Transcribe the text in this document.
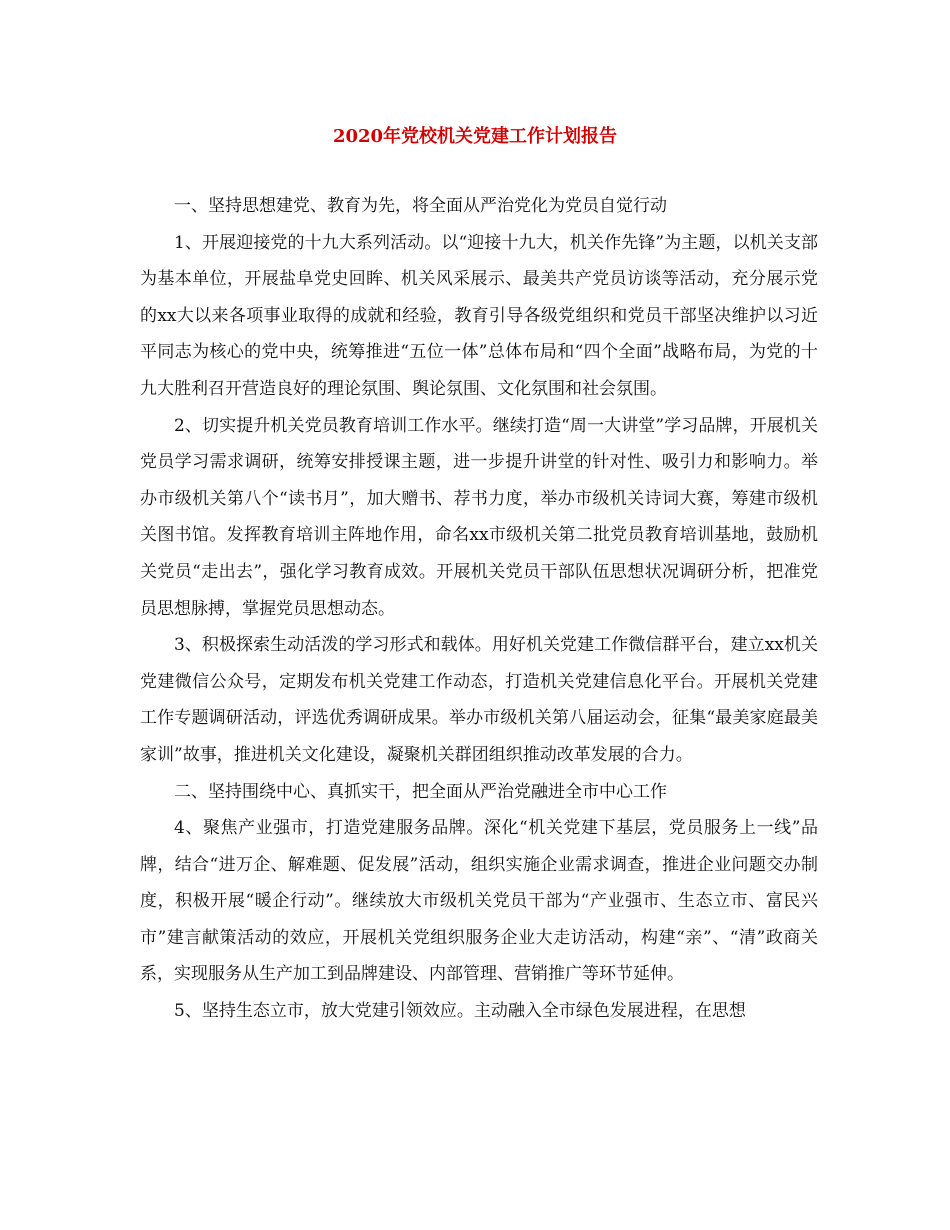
2020年党校机关党建工作计划报告

一、坚持思想建党、教育为先，将全面从严治党化为党员自觉行动

1、开展迎接党的十九大系列活动。以“迎接十九大，机关作先锋”为主题，以机关支部为基本单位，开展盐阜党史回眸、机关风采展示、最美共产党员访谈等活动，充分展示党的xx大以来各项事业取得的成就和经验，教育引导各级党组织和党员干部坚决维护以习近平同志为核心的党中央，统筹推进“五位一体”总体布局和“四个全面”战略布局，为党的十九大胜利召开营造良好的理论氛围、舆论氛围、文化氛围和社会氛围。

2、切实提升机关党员教育培训工作水平。继续打造“周一大讲堂”学习品牌，开展机关党员学习需求调研，统筹安排授课主题，进一步提升讲堂的针对性、吸引力和影响力。举办市级机关第八个“读书月”，加大赠书、荐书力度，举办市级机关诗词大赛，筹建市级机关图书馆。发挥教育培训主阵地作用，命名xx市级机关第二批党员教育培训基地，鼓励机关党员“走出去”，强化学习教育成效。开展机关党员干部队伍思想状况调研分析，把准党员思想脉搏，掌握党员思想动态。

3、积极探索生动活泼的学习形式和载体。用好机关党建工作微信群平台，建立xx机关党建微信公众号，定期发布机关党建工作动态，打造机关党建信息化平台。开展机关党建工作专题调研活动，评选优秀调研成果。举办市级机关第八届运动会，征集“最美家庭最美家训”故事，推进机关文化建设，凝聚机关群团组织推动改革发展的合力。

二、坚持围绕中心、真抓实干，把全面从严治党融进全市中心工作

4、聚焦产业强市，打造党建服务品牌。深化“机关党建下基层，党员服务上一线”品牌，结合“进万企、解难题、促发展”活动，组织实施企业需求调查，推进企业问题交办制度，积极开展“暖企行动”。继续放大市级机关党员干部为“产业强市、生态立市、富民兴市”建言献策活动的效应，开展机关党组织服务企业大走访活动，构建“亲”、“清”政商关系，实现服务从生产加工到品牌建设、内部管理、营销推广等环节延伸。

5、坚持生态立市，放大党建引领效应。主动融入全市绿色发展进程，在思想
